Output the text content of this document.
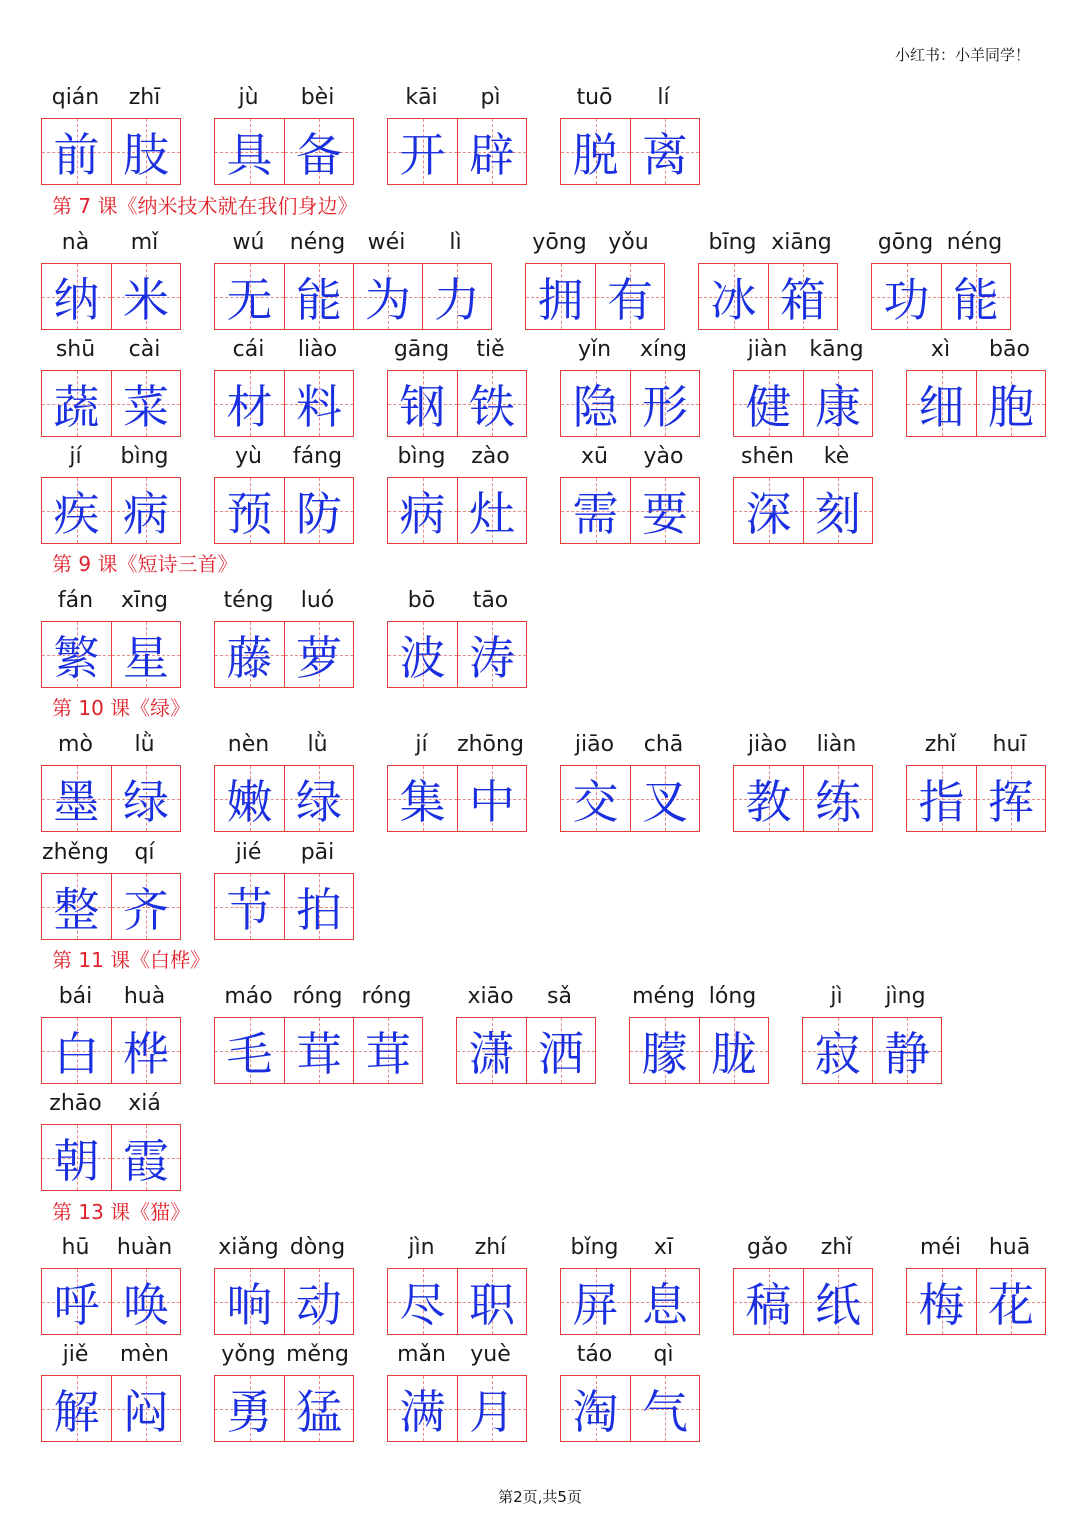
小红书：小羊同学！
第 7 课《纳米技术就在我们身边》
第 9 课《短诗三首》
第 10 课《绿》
第 11 课《白桦》
第 13 课《猫》
qián	zhī
前 肢
jù	bèi
具 备
kāi	pì
开 辟
tuō	lí
脱 离
nà	mǐ
纳 米
wú	néng	wéi	lì
无 能 为 力
yōng yǒu
拥 有
bīng xiāng
冰 箱
gōng néng
功 能
shū	cài
蔬 菜
cái	liào
材 料
gāng	tiě
钢 铁
yǐn	xíng
隐 形
jiàn	kāng
健 康
xì	bāo
细 胞
jí	bìng
疾 病
yù	fáng
预 防
bìng	zào
病 灶
xū	yào
需 要
shēn	kè
深 刻
fán	xīng
繁 星
téng	luó
藤 萝
bō	tāo
波 涛
mò	lǜ
墨 绿
nèn	lǜ
嫩 绿
jí	zhōng
集 中
jiāo	chā
交 叉
jiào	liàn
教 练
zhǐ	huī
指 挥
zhěng	qí
整 齐
jié	pāi
节 拍
bái	huà
白 桦
máo róng róng
毛 茸 茸
xiāo	sǎ
潇 洒
méng lóng
朦 胧
jì	jìng
寂 静
zhāo	xiá
朝 霞
hū	huàn
呼 唤
xiǎng dòng
响 动
jìn	zhí
尽 职
bǐng	xī
屏 息
gǎo	zhǐ
稿 纸
méi	huā
梅 花
jiě	mèn
解 闷
yǒng měng
勇 猛
mǎn	yuè
满 月
táo	qì
淘 气
第2页,共5页
